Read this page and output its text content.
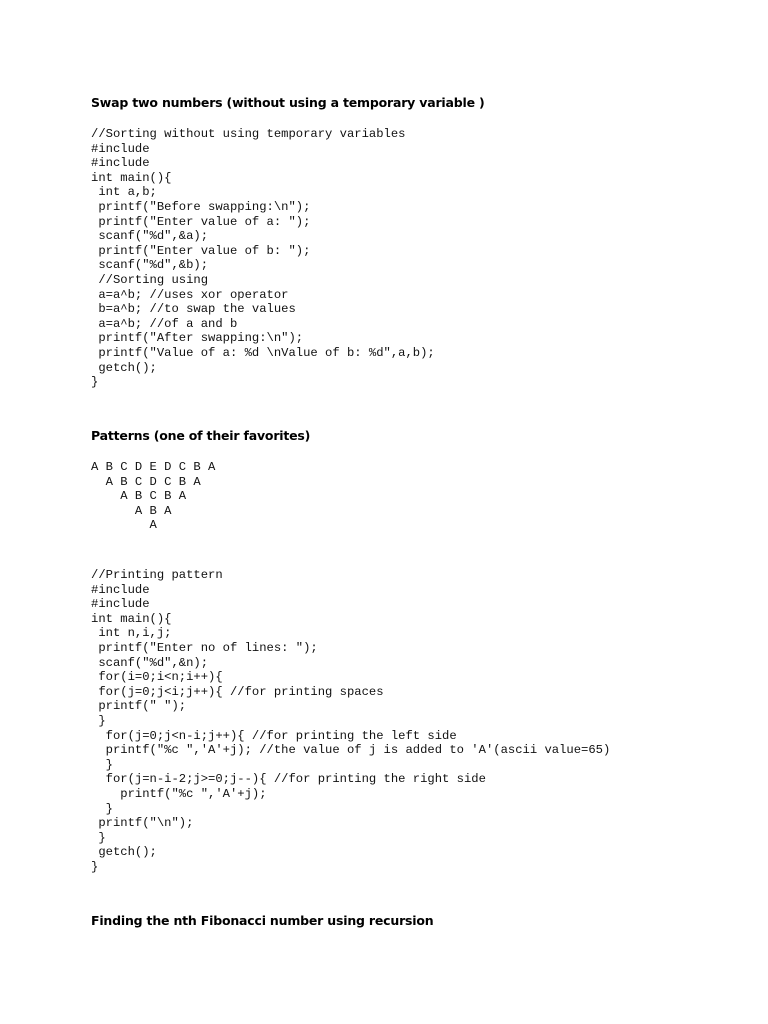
Swap two numbers (without using a temporary variable )
//Sorting without using temporary variables
#include
#include
int main(){
int a,b;
printf("Before swapping:\n");
printf("Enter value of a: ");
scanf("%d",&a);
printf("Enter value of b: ");
scanf("%d",&b);
//Sorting using
a=a^b; //uses xor operator
b=a^b; //to swap the values
a=a^b; //of a and b
printf("After swapping:\n");
printf("Value of a: %d \nValue of b: %d",a,b);
getch();
}
Patterns (one of their favorites)
A B C D E D C B A
A B C D C B A
A B C B A
A B A
A
//Printing pattern
#include
#include
int main(){
int n,i,j;
printf("Enter no of lines: ");
scanf("%d",&n);
for(i=0;i<n;i++){
for(j=0;j<i;j++){ //for printing spaces
printf(" ");
}
for(j=0;j<n-i;j++){ //for printing the left side
printf("%c ",'A'+j); //the value of j is added to 'A'(ascii value=65)
}
for(j=n-i-2;j>=0;j--){ //for printing the right side
printf("%c ",'A'+j);
}
printf("\n");
}
getch();
}
Finding the nth Fibonacci number using recursion
